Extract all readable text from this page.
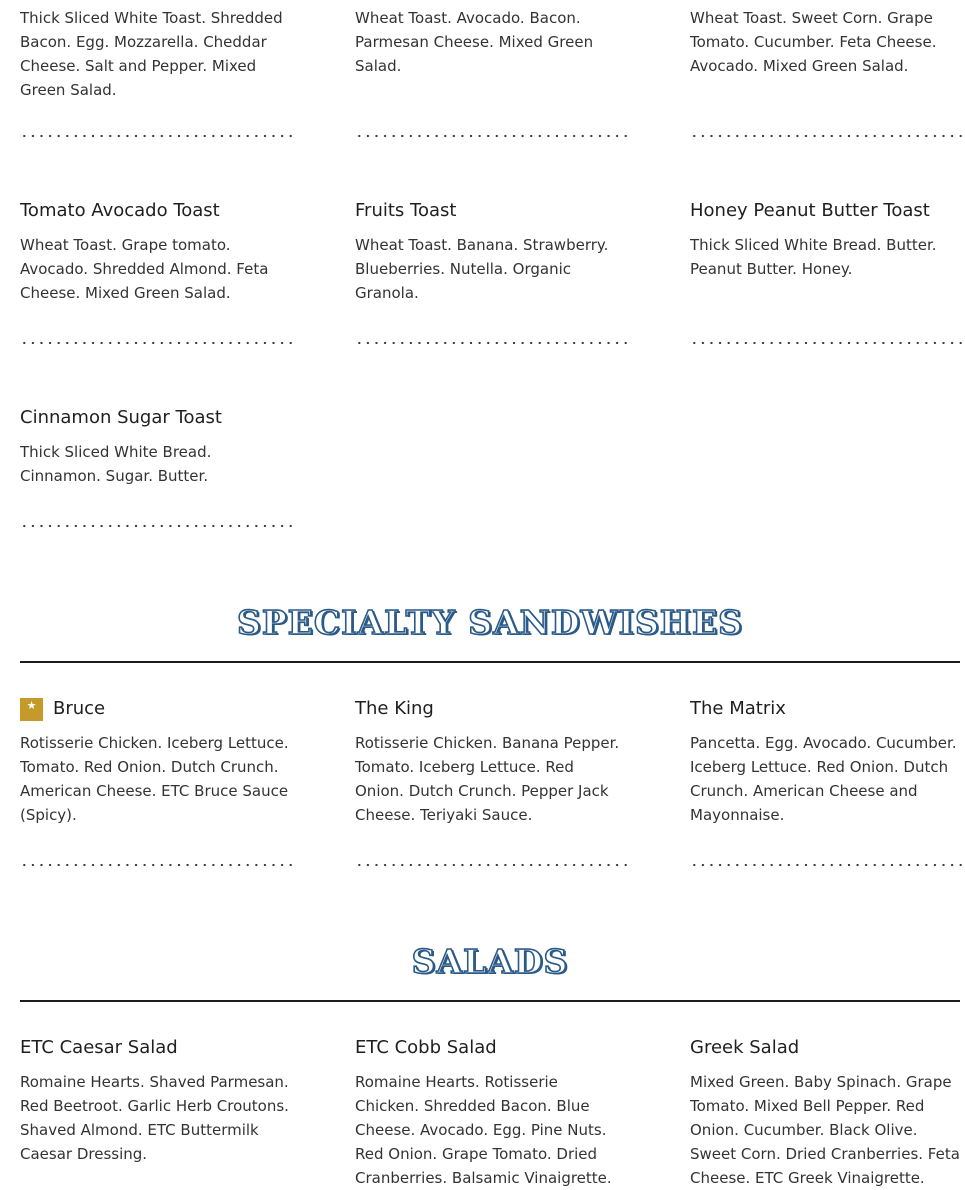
Thick Sliced White Toast. Shredded Bacon. Egg. Mozzarella. Cheddar Cheese. Salt and Pepper. Mixed Green Salad.

Wheat Toast. Avocado. Bacon. Parmesan Cheese. Mixed Green Salad.

Wheat Toast. Sweet Corn. Grape Tomato. Cucumber. Feta Cheese. Avocado. Mixed Green Salad.

Tomato Avocado Toast

Wheat Toast. Grape tomato. Avocado. Shredded Almond. Feta Cheese. Mixed Green Salad.

Fruits Toast

Wheat Toast. Banana. Strawberry. Blueberries. Nutella. Organic Granola.

Honey Peanut Butter Toast

Thick Sliced White Bread. Butter. Peanut Butter. Honey.

Cinnamon Sugar Toast

Thick Sliced White Bread. Cinnamon. Sugar. Butter.

SPECIALTY SANDWISHES
★ Bruce

Rotisserie Chicken. Iceberg Lettuce. Tomato. Red Onion. Dutch Crunch. American Cheese. ETC Bruce Sauce (Spicy).

The King

Rotisserie Chicken. Banana Pepper. Tomato. Iceberg Lettuce. Red Onion. Dutch Crunch. Pepper Jack Cheese. Teriyaki Sauce.

The Matrix

Pancetta. Egg. Avocado. Cucumber. Iceberg Lettuce. Red Onion. Dutch Crunch. American Cheese and Mayonnaise.

SALADS
ETC Caesar Salad

Romaine Hearts. Shaved Parmesan. Red Beetroot. Garlic Herb Croutons. Shaved Almond. ETC Buttermilk Caesar Dressing.

ETC Cobb Salad

Romaine Hearts. Rotisserie Chicken. Shredded Bacon. Blue Cheese. Avocado. Egg. Pine Nuts. Red Onion. Grape Tomato. Dried Cranberries. Balsamic Vinaigrette.

Greek Salad

Mixed Green. Baby Spinach. Grape Tomato. Mixed Bell Pepper. Red Onion. Cucumber. Black Olive. Sweet Corn. Dried Cranberries. Feta Cheese. ETC Greek Vinaigrette.
